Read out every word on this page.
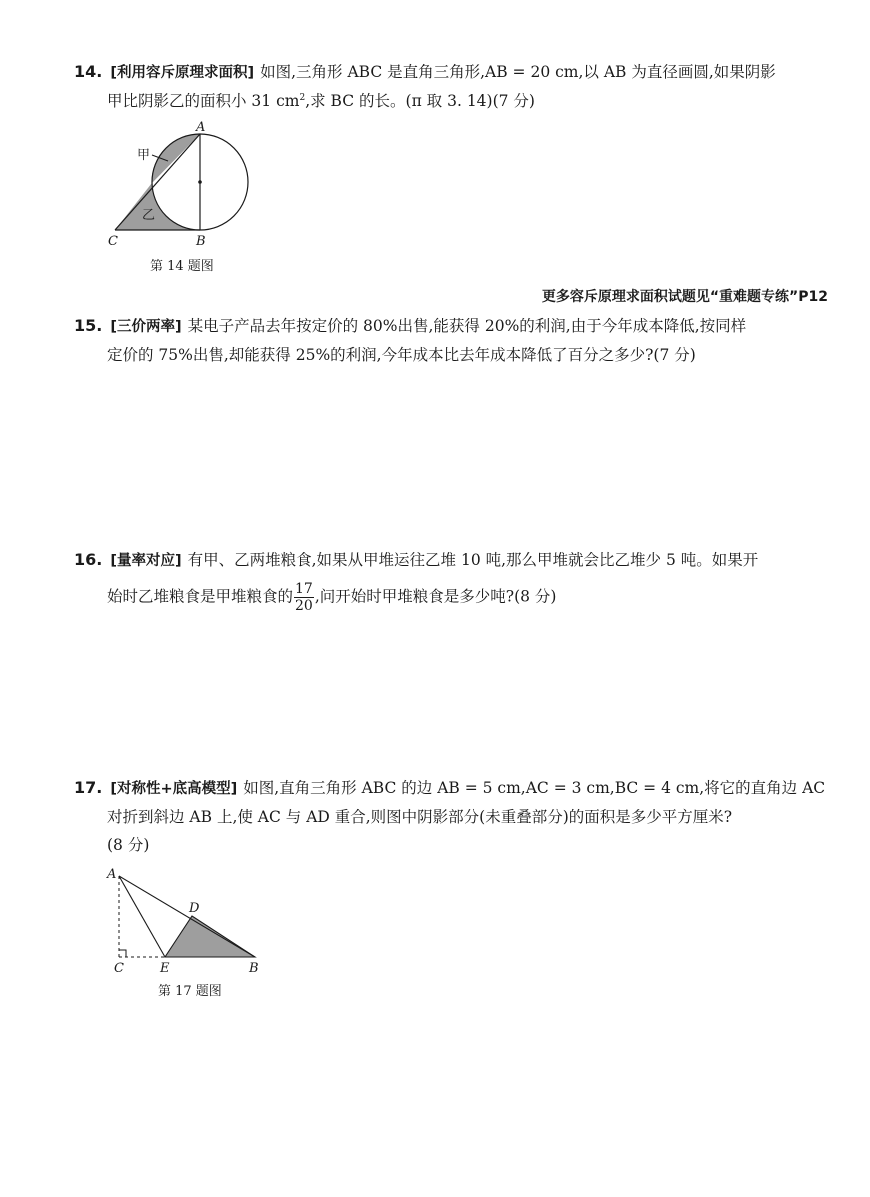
14. [利用容斥原理求面积] 如图,三角形 ABC 是直角三角形,AB = 20 cm,以 AB 为直径画圆,如果阴影
甲比阴影乙的面积小 31 $cm^2$,求 BC 的长。(π 取 3. 14)(7 分)
A
B
C
甲
乙
第 14 题图
更多容斥原理求面积试题见“重难题专练”P12
15. [三价两率] 某电子产品去年按定价的 80%出售,能获得 20%的利润,由于今年成本降低,按同样
定价的 75%出售,却能获得 25%的利润,今年成本比去年成本降低了百分之多少?(7 分)
16. [量率对应] 有甲、乙两堆粮食,如果从甲堆运往乙堆 10 吨,那么甲堆就会比乙堆少 5 吨。如果开
始时乙堆粮食是甲堆粮食的 $\frac{17}{20}$ ,问开始时甲堆粮食是多少吨?(8 分)
17. [对称性+底高模型] 如图,直角三角形 ABC 的边 AB = 5 cm,AC = 3 cm,BC = 4 cm,将它的直角边 AC
对折到斜边 AB 上,使 AC 与 AD 重合,则图中阴影部分(未重叠部分)的面积是多少平方厘米?
(8 分)
A
C	E	B
D
第 17 题图
